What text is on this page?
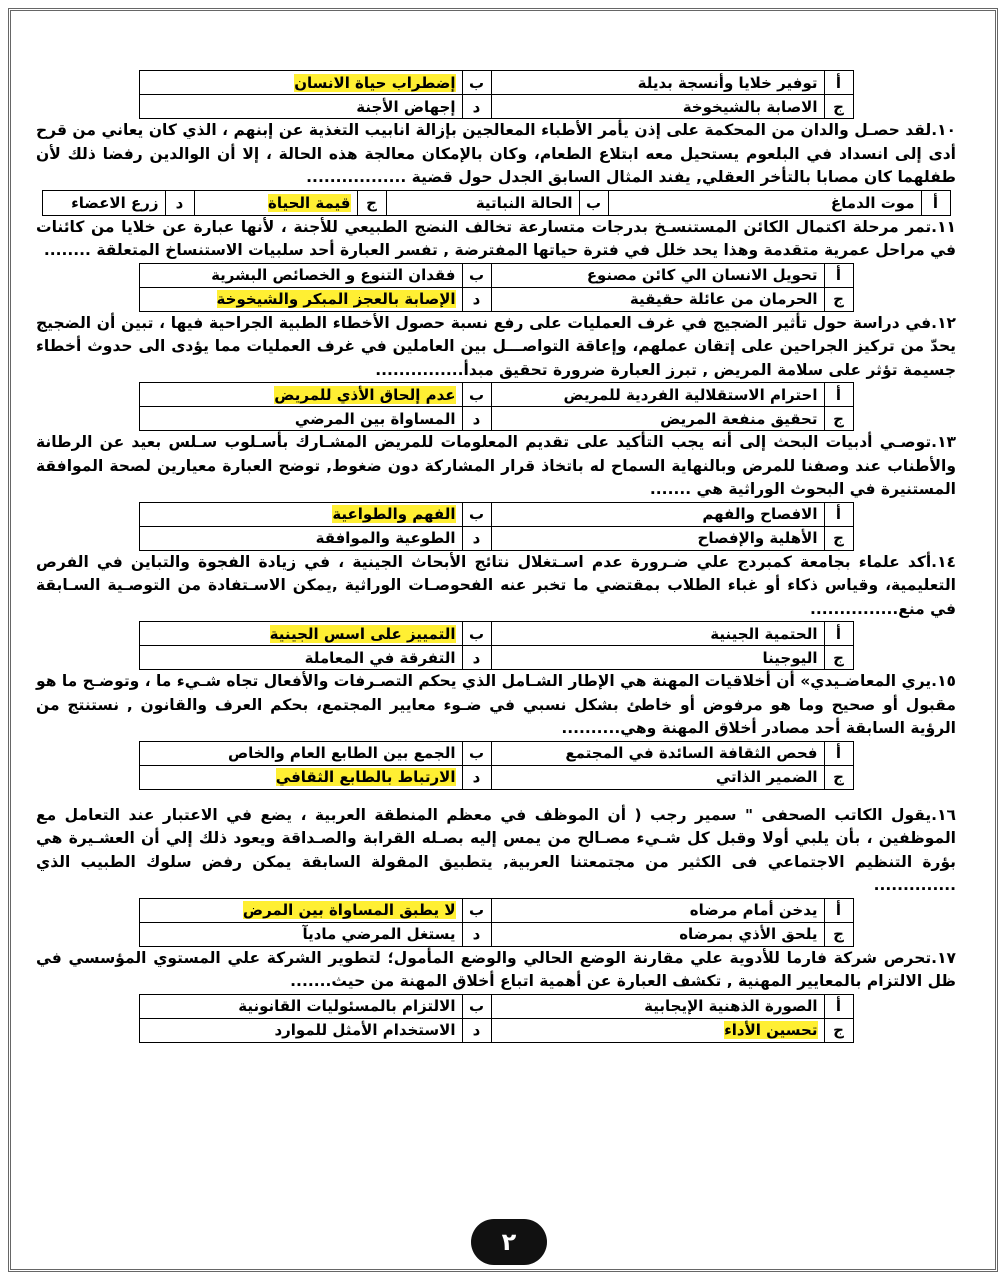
أ	توفير خلايا وأنسجة بديلة	ب	إضطراب حياة الانسان
ج	الاصابة بالشيخوخة	د	إجهاض الأجنة

١٠.لقد حصـل والدان من المحكمة على إذن يأمر الأطباء المعالجين بإزالة انابيب التغذية عن إبنهم ، الذي كان يعاني من قرح أدى إلى انسداد في البلعوم يستحيل معه ابتلاع الطعام، وكان بالإمكان معالجة هذه الحالة ، إلا أن الوالدين رفضا ذلك لأن طفلهما كان مصابا بالتأخر العقلي, يفند المثال السابق الجدل حول قضية .................

أ	موت الدماغ	ب	الحالة النباتية	ج	قيمة الحياة	د	زرع الاعضاء

١١.تمر مرحلة اكتمال الكائن المستنسـخ بدرجات متسارعة تخالف النضج الطبيعي للأجنة ، لأنها عبارة عن خلايا من كائنات في مراحل عمرية متقدمة وهذا يحد خلل في فترة حياتها المفترضة , تفسر العبارة أحد سلبيات الاستنساخ المتعلقة ........

أ	تحويل الانسان الي كائن مصنوع	ب	فقدان التنوع و الخصائص البشرية
ج	الحرمان من عائلة حقيقية	د	الإصابة بالعجز المبكر والشيخوخة

١٢.في دراسة حول تأثير الضجيج في غرف العمليات على رفع نسبة حصول الأخطاء الطبية الجراحية فيها ، تبين أن الضجيج يحدّ من تركيز الجراحين على إتقان عملهم، وإعاقة التواصـــل بين العاملين في غرف العمليات مما يؤدى الى حدوث أخطاء جسيمة تؤثر على سلامة المريض , تبرز العبارة ضرورة تحقيق مبدأ...............

أ	احترام الاستقلالية الفردية للمريض	ب	عدم إلحاق الأذي للمريض
ج	تحقيق منفعة المريض	د	المساواة بين المرضي

١٣.توصـي أدبيات البحث إلى أنه يجب التأكيد على تقديم المعلومات للمريض المشـارك بأسـلوب سـلس بعيد عن الرطانة والأطناب عند وصفنا للمرض وبالنهاية السماح له باتخاذ قرار المشاركة دون ضغوط, توضح العبارة معيارين لصحة الموافقة المستنيرة في البحوث الوراثية هي .......

أ	الافصاح والفهم	ب	الفهم والطواعية
ج	الأهلية والإفصاح	د	الطوعية والموافقة

١٤.أكد علماء بجامعة كمبردج علي ضـرورة عدم اسـتغلال نتائج الأبحاث الجينية ، في زيادة الفجوة والتباين في الفرص التعليمية، وقياس ذكاء أو غباء الطلاب بمقتضي ما تخبر عنه الفحوصـات الوراثية ,يمكن الاسـتفادة من التوصـية السـابقة في منع...............

أ	الحتمية الجينية	ب	التمييز على اسس الجينية
ج	اليوجينا	د	التفرقة في المعاملة

١٥.يري المعاضـيدي» أن أخلاقيات المهنة هي الإطار الشـامل الذي يحكم التصـرفات والأفعال تجاه شـيء ما ، وتوضـح ما هو مقبول أو صحيح وما هو مرفوض أو خاطئ بشكل نسبي في ضـوء معايير المجتمع، بحكم العرف والقانون , نستنتج من الرؤية السابقة أحد مصادر أخلاق المهنة وهي..........

أ	فحص الثقافة السائدة في المجتمع	ب	الجمع بين الطابع العام والخاص
ج	الضمير الذاتي	د	الارتباط بالطابع الثقافي

١٦.يقول الكاتب الصحفى " سمير رجب ( أن الموظف في معظم المنطقة العربية ، يضع في الاعتبار عند التعامل مع الموظفين ، بأن يلبي أولا وقبل كل شـيء مصـالح من يمس إليه بصـله القرابة والصـداقة ويعود ذلك إلي أن العشـيرة هي بؤرة التنظيم الاجتماعي فى الكثير من مجتمعتنا العربية, يتطبيق المقولة السابقة يمكن رفض سلوك الطبيب الذي ..............

أ	يدخن أمام مرضاه	ب	لا يطبق المساواة بين المرض
ج	يلحق الأذي بمرضاه	د	يستغل المرضي ماديآ

١٧.تحرص شركة فارما للأدوية علي مقارنة الوضع الحالي والوضع المأمول؛ لتطوير الشركة علي المستوي المؤسسي في ظل الالتزام بالمعايير المهنية , تكشف العبارة عن أهمية اتباع أخلاق المهنة من حيث.......

أ	الصورة الذهنية الإيجابية	ب	الالتزام بالمسئوليات القانونية
ج	تحسين الأداء	د	الاستخدام الأمثل للموارد
٢
